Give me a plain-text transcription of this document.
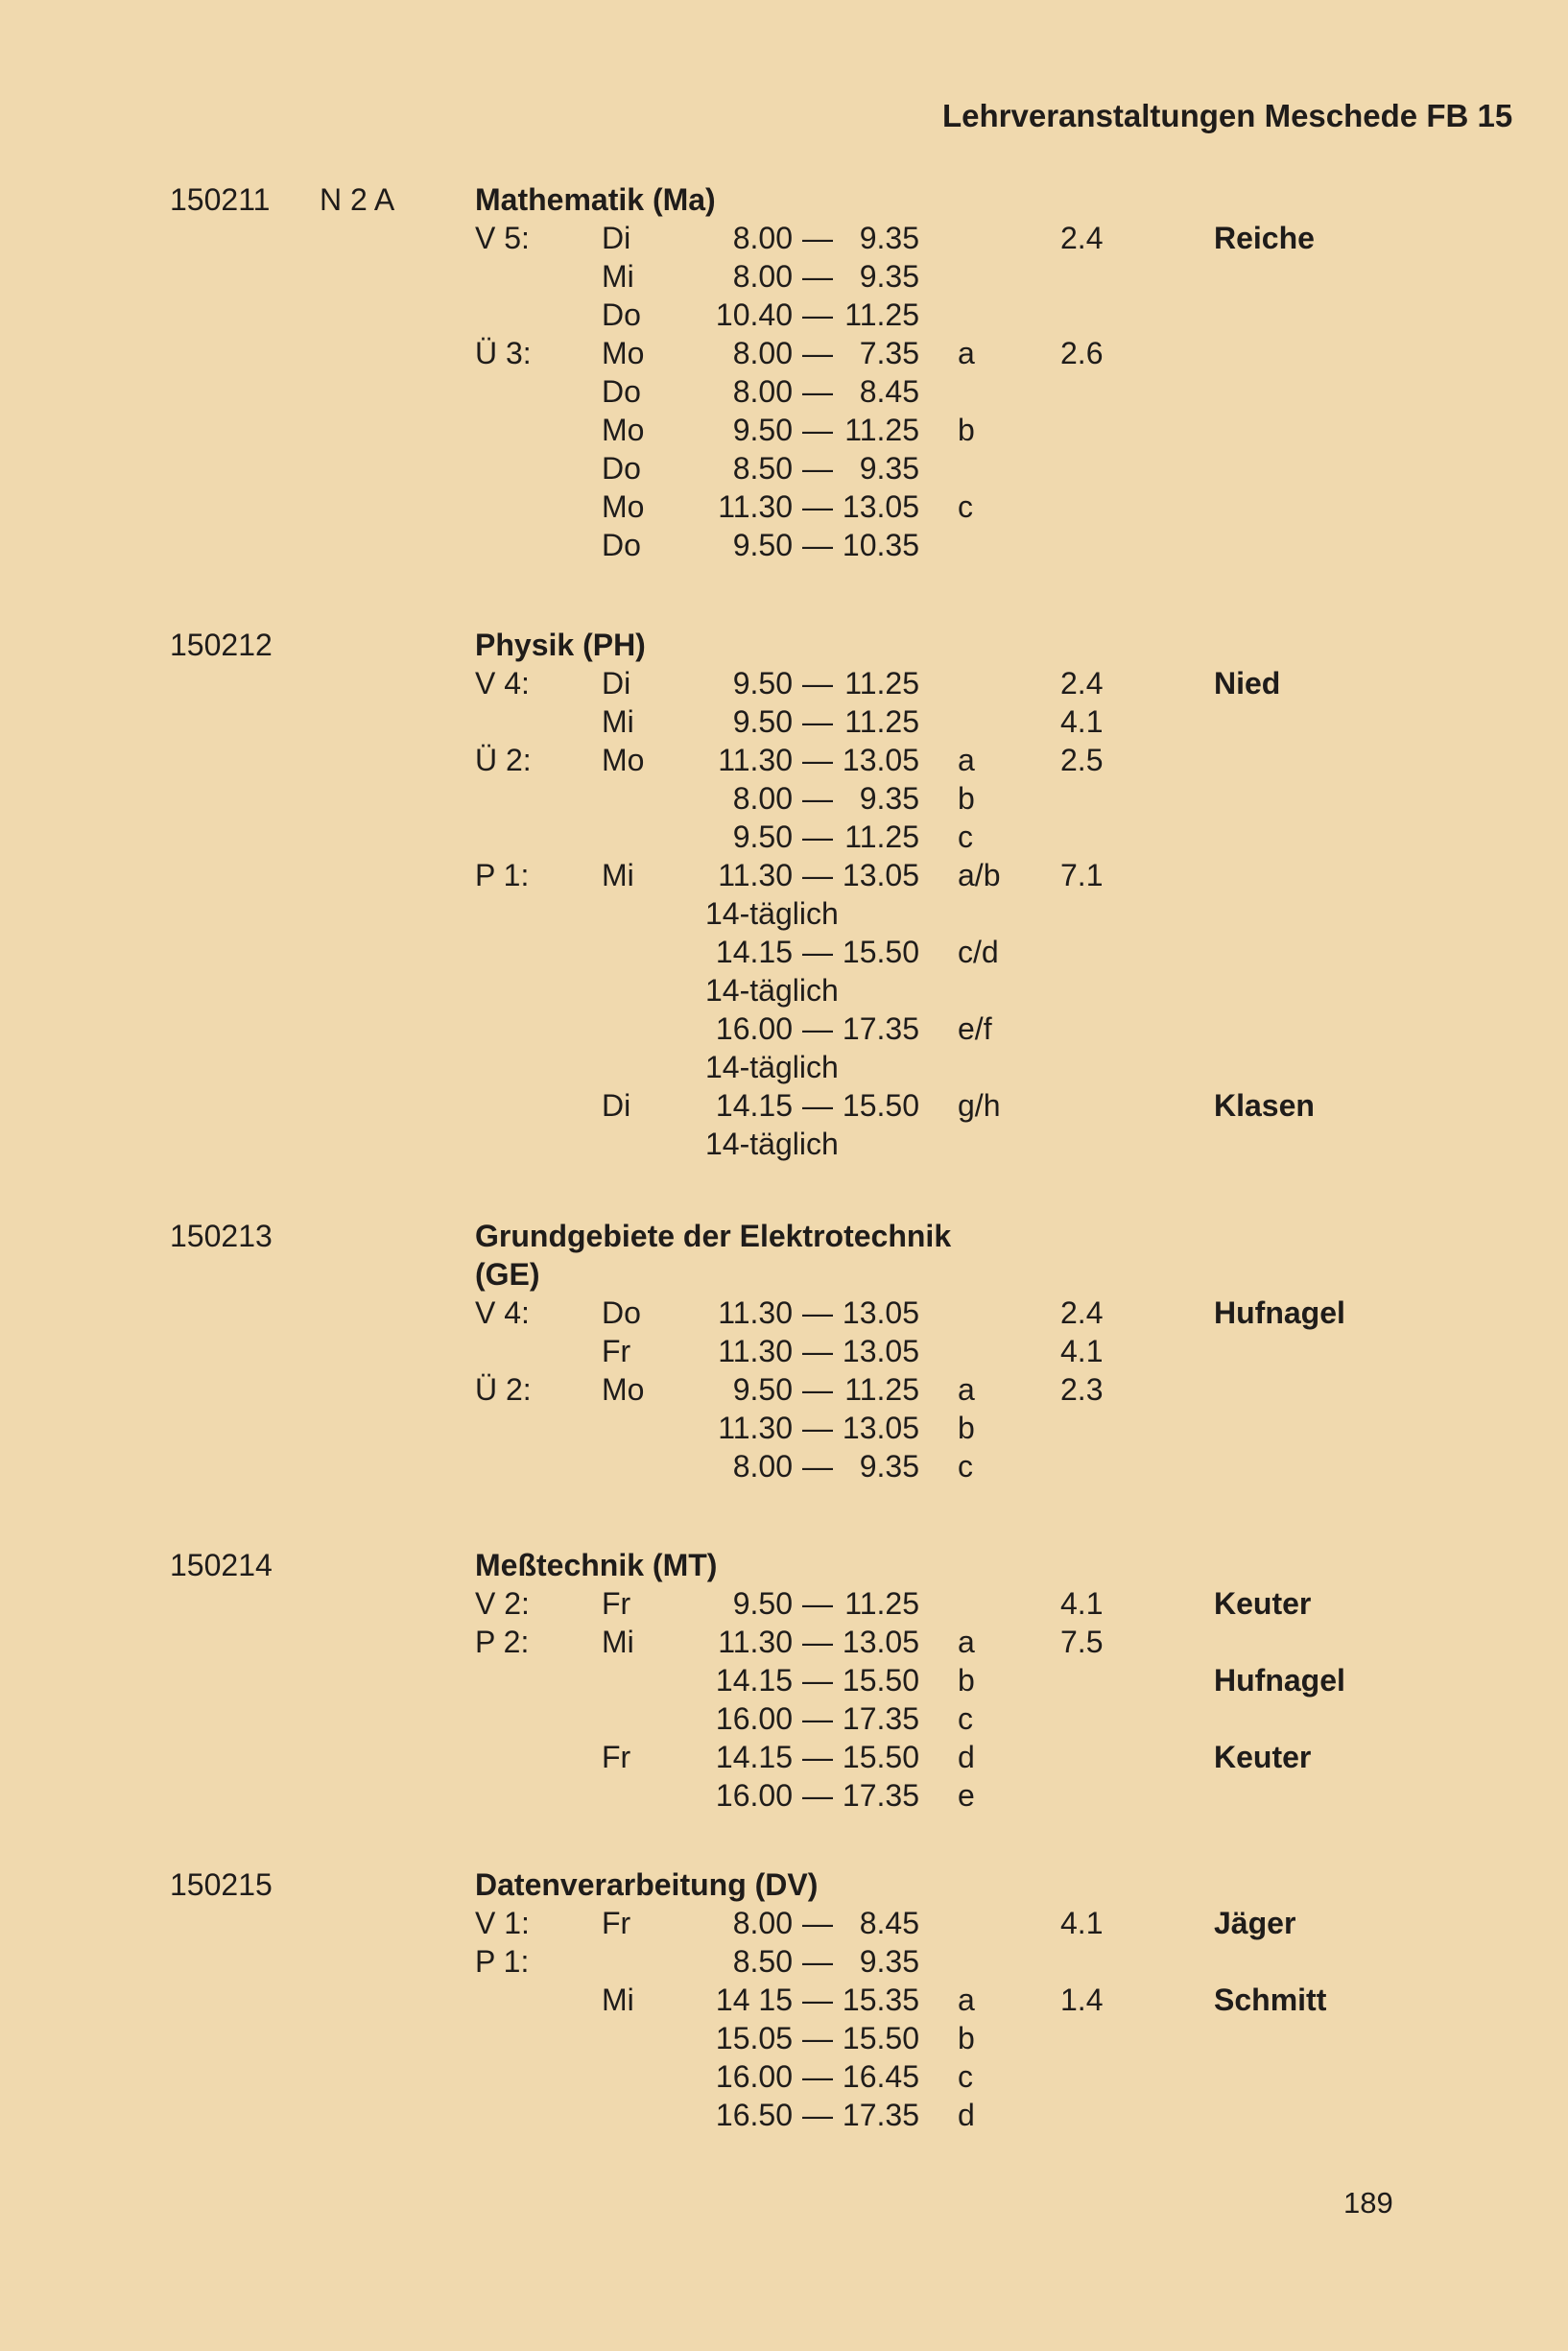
Lehrveranstaltungen Meschede FB 15
150211 N 2 A	Mathematik (Ma)
V 5: Di	8.00 — 9.35	2.4	Reiche
Mi	8.00 — 9.35
Do	10.40 — 11.25
Ü 3: Mo	8.00 — 7.35 a	2.6
Do	8.00 — 8.45
Mo	9.50 — 11.25 b
Do	8.50 — 9.35
Mo	11.30 — 13.05 c
Do	9.50 — 10.35
150212	Physik (PH)
V 4: Di	9.50 — 11.25	2.4	Nied
Mi	9.50 — 11.25	4.1
Ü 2: Mo	11.30 — 13.05 a	2.5
8.00 — 9.35 b
9.50 — 11.25 c
P 1: Mi	11.30 — 13.05 a/b 7.1
14-täglich
14.15 — 15.50 c/d
14-täglich
16.00 — 17.35 e/f
14-täglich
Di	14.15 — 15.50 g/h	Klasen
14-täglich
150213	Grundgebiete der Elektrotechnik
(GE)
V 4: Do	11.30 — 13.05	2.4	Hufnagel
Fr	11.30 — 13.05	4.1
Ü 2: Mo	9.50 — 11.25 a	2.3
11.30 — 13.05 b
8.00 — 9.35 c
150214	Meßtechnik (MT)
V 2: Fr	9.50 — 11.25	4.1	Keuter
P 2: Mi	11.30 — 13.05 a	7.5
14.15 — 15.50 b	Hufnagel
16.00 — 17.35 c
Fr	14.15 — 15.50 d	Keuter
16.00 — 17.35 e
150215	Datenverarbeitung (DV)
V 1: Fr	8.00 — 8.45	4.1	Jäger
P 1:	8.50 — 9.35
Mi	14 15 — 15.35 a	1.4	Schmitt
15.05 — 15.50 b
16.00 — 16.45 c
16.50 — 17.35 d
189
